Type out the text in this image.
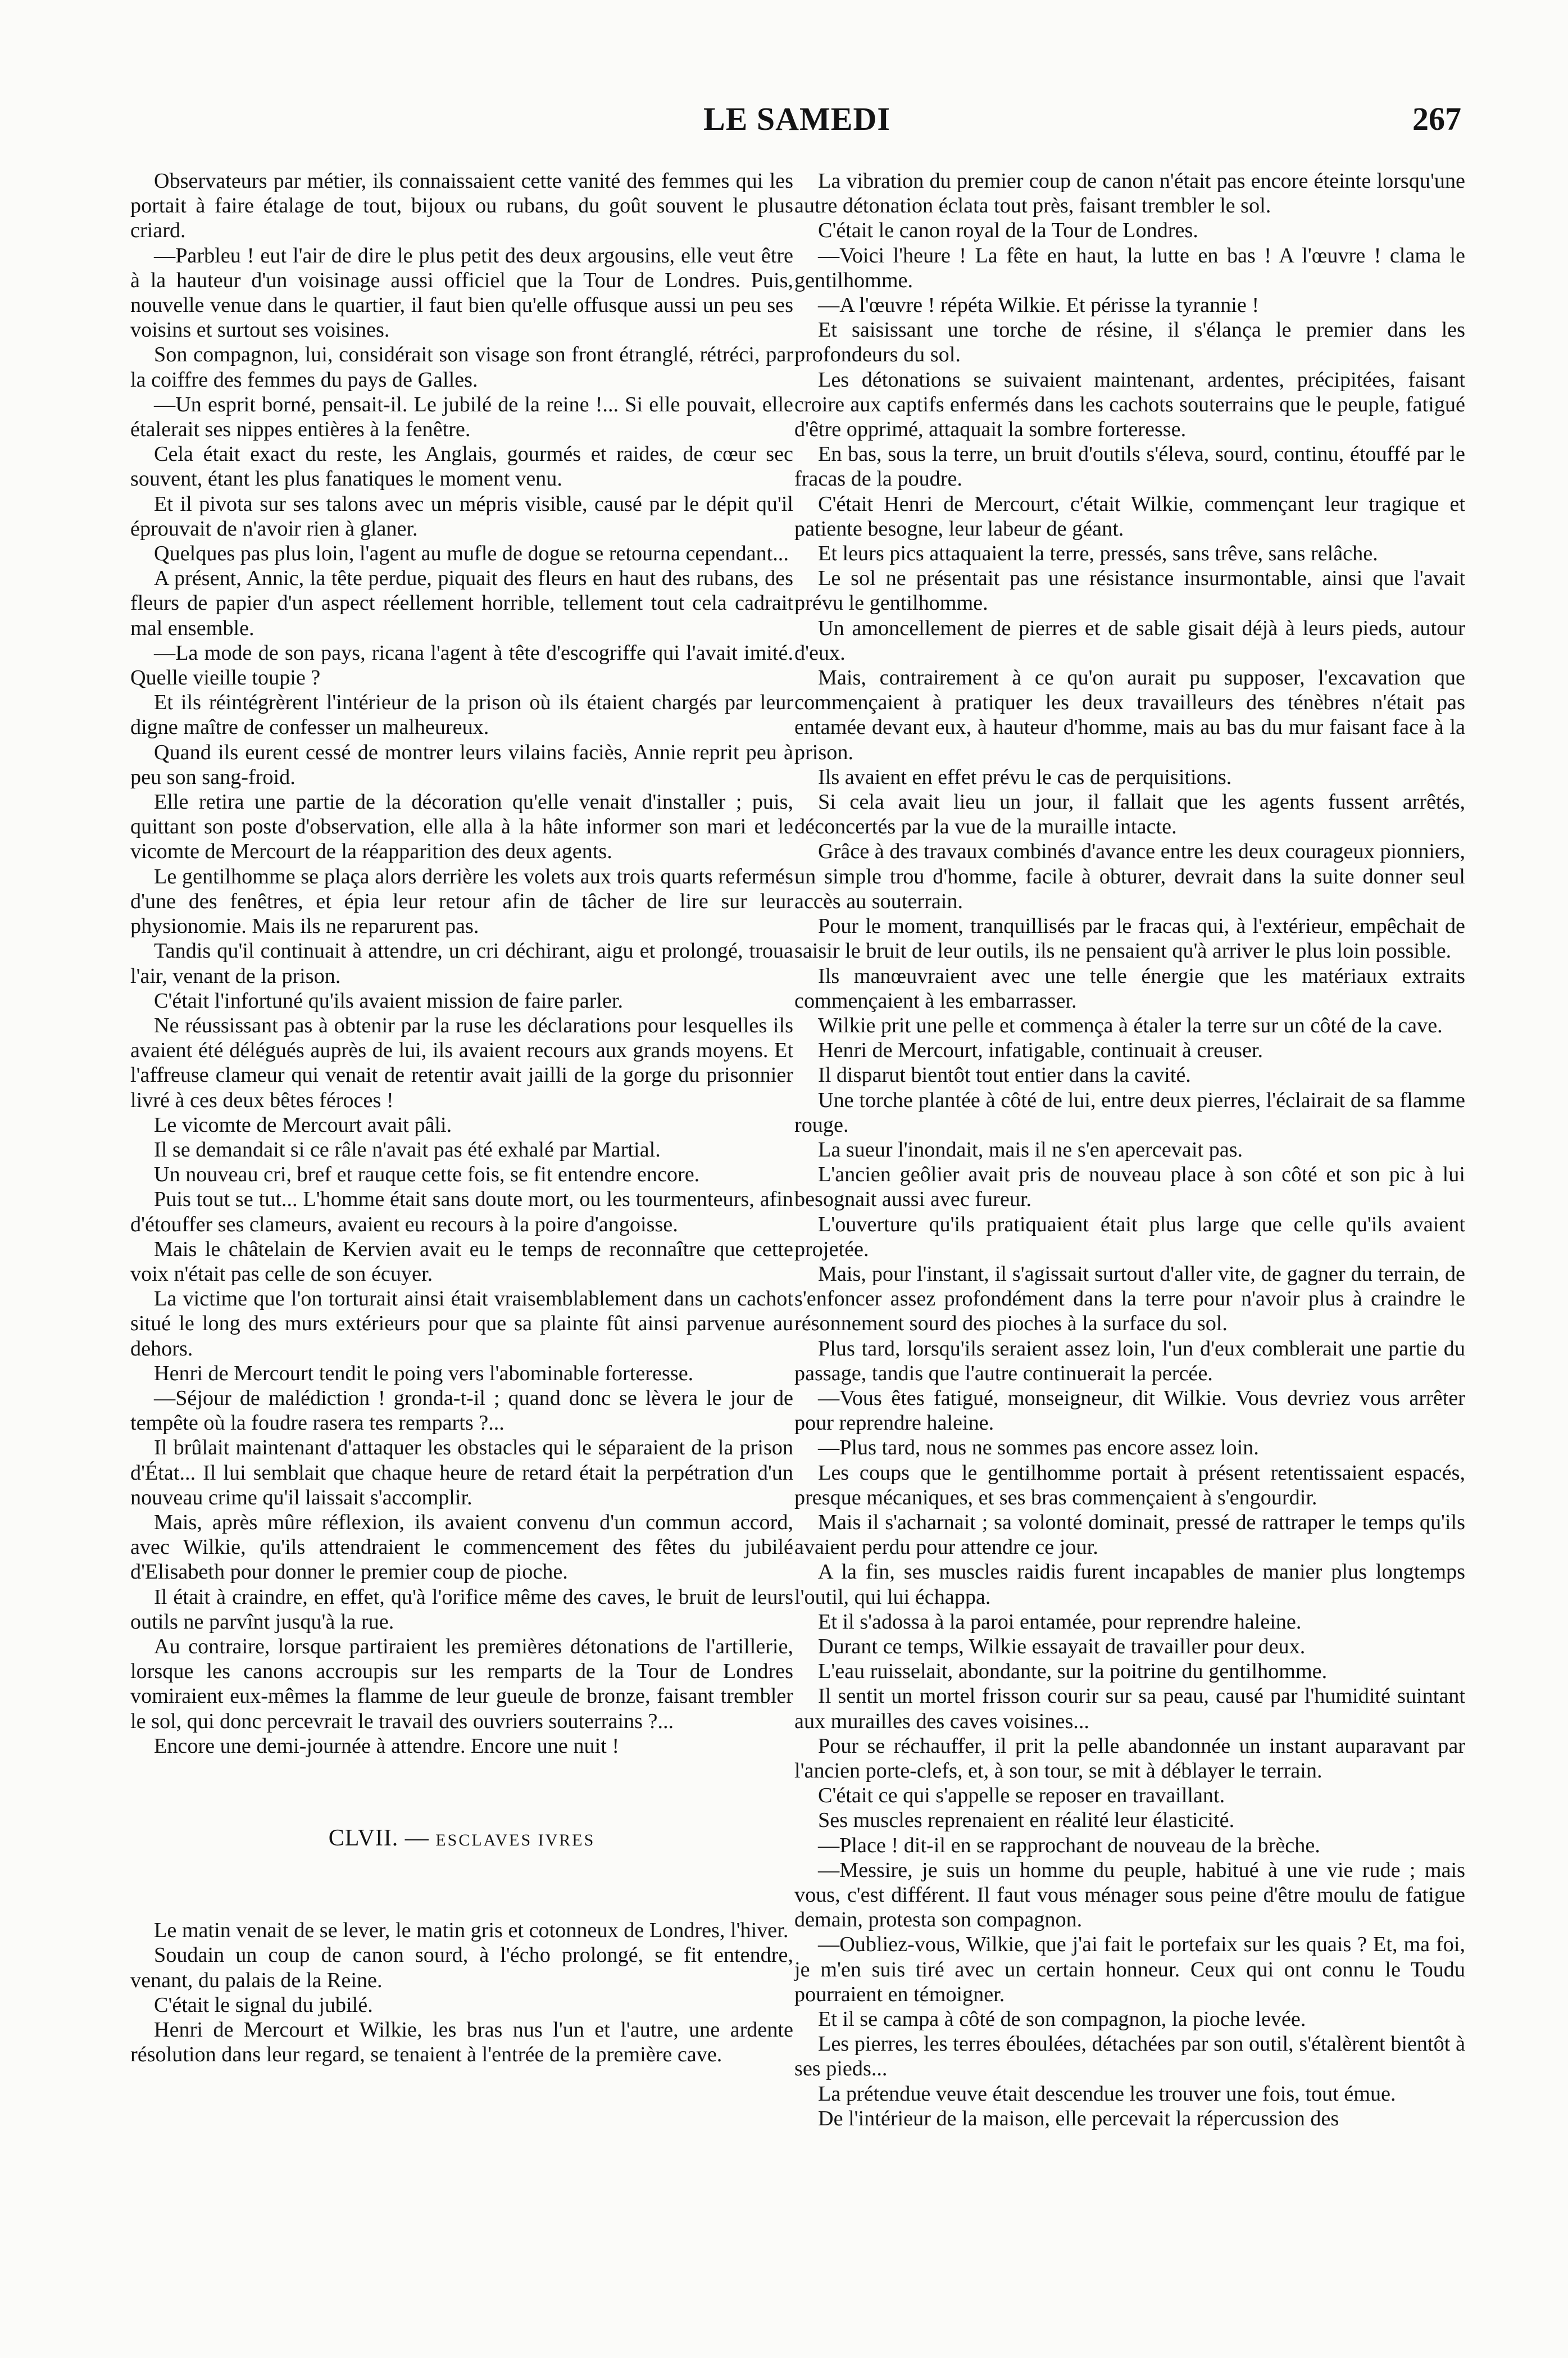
LE SAMEDI	267

Observateurs par métier, ils connaissaient cette vanité des femmes qui les portait à faire étalage de tout, bijoux ou rubans, du goût souvent le plus criard.

—Parbleu ! eut l'air de dire le plus petit des deux argousins, elle veut être à la hauteur d'un voisinage aussi officiel que la Tour de Londres. Puis, nouvelle venue dans le quartier, il faut bien qu'elle offusque aussi un peu ses voisins et surtout ses voisines.

Son compagnon, lui, considérait son visage son front étranglé, rétréci, par la coiffre des femmes du pays de Galles.

—Un esprit borné, pensait-il. Le jubilé de la reine !... Si elle pouvait, elle étalerait ses nippes entières à la fenêtre.

Cela était exact du reste, les Anglais, gourmés et raides, de cœur sec souvent, étant les plus fanatiques le moment venu.

Et il pivota sur ses talons avec un mépris visible, causé par le dépit qu'il éprouvait de n'avoir rien à glaner.

Quelques pas plus loin, l'agent au mufle de dogue se retourna cependant...

A présent, Annic, la tête perdue, piquait des fleurs en haut des rubans, des fleurs de papier d'un aspect réellement horrible, tellement tout cela cadrait mal ensemble.

—La mode de son pays, ricana l'agent à tête d'escogriffe qui l'avait imité. Quelle vieille toupie ?

Et ils réintégrèrent l'intérieur de la prison où ils étaient chargés par leur digne maître de confesser un malheureux.

Quand ils eurent cessé de montrer leurs vilains faciès, Annie reprit peu à peu son sang-froid.

Elle retira une partie de la décoration qu'elle venait d'installer ; puis, quittant son poste d'observation, elle alla à la hâte informer son mari et le vicomte de Mercourt de la réapparition des deux agents.

Le gentilhomme se plaça alors derrière les volets aux trois quarts refermés d'une des fenêtres, et épia leur retour afin de tâcher de lire sur leur physionomie. Mais ils ne reparurent pas.

Tandis qu'il continuait à attendre, un cri déchirant, aigu et prolongé, troua l'air, venant de la prison.

C'était l'infortuné qu'ils avaient mission de faire parler.

Ne réussissant pas à obtenir par la ruse les déclarations pour lesquelles ils avaient été délégués auprès de lui, ils avaient recours aux grands moyens. Et l'affreuse clameur qui venait de retentir avait jailli de la gorge du prisonnier livré à ces deux bêtes féroces !

Le vicomte de Mercourt avait pâli.

Il se demandait si ce râle n'avait pas été exhalé par Martial.

Un nouveau cri, bref et rauque cette fois, se fit entendre encore.

Puis tout se tut... L'homme était sans doute mort, ou les tourmenteurs, afin d'étouffer ses clameurs, avaient eu recours à la poire d'angoisse.

Mais le châtelain de Kervien avait eu le temps de reconnaître que cette voix n'était pas celle de son écuyer.

La victime que l'on torturait ainsi était vraisemblablement dans un cachot situé le long des murs extérieurs pour que sa plainte fût ainsi parvenue au dehors.

Henri de Mercourt tendit le poing vers l'abominable forteresse.

—Séjour de malédiction ! gronda-t-il ; quand donc se lèvera le jour de tempête où la foudre rasera tes remparts ?...

Il brûlait maintenant d'attaquer les obstacles qui le séparaient de la prison d'État... Il lui semblait que chaque heure de retard était la perpétration d'un nouveau crime qu'il laissait s'accomplir.

Mais, après mûre réflexion, ils avaient convenu d'un commun accord, avec Wilkie, qu'ils attendraient le commencement des fêtes du jubilé d'Elisabeth pour donner le premier coup de pioche.

Il était à craindre, en effet, qu'à l'orifice même des caves, le bruit de leurs outils ne parvînt jusqu'à la rue.

Au contraire, lorsque partiraient les premières détonations de l'artillerie, lorsque les canons accroupis sur les remparts de la Tour de Londres vomiraient eux-mêmes la flamme de leur gueule de bronze, faisant trembler le sol, qui donc percevrait le travail des ouvriers souterrains ?...

Encore une demi-journée à attendre. Encore une nuit !

CLVII. — ESCLAVES IVRES

Le matin venait de se lever, le matin gris et cotonneux de Londres, l'hiver.

Soudain un coup de canon sourd, à l'écho prolongé, se fit entendre, venant, du palais de la Reine.

C'était le signal du jubilé.

Henri de Mercourt et Wilkie, les bras nus l'un et l'autre, une ardente résolution dans leur regard, se tenaient à l'entrée de la première cave.

La vibration du premier coup de canon n'était pas encore éteinte lorsqu'une autre détonation éclata tout près, faisant trembler le sol.

C'était le canon royal de la Tour de Londres.

—Voici l'heure ! La fête en haut, la lutte en bas ! A l'œuvre ! clama le gentilhomme.

—A l'œuvre ! répéta Wilkie. Et périsse la tyrannie !

Et saisissant une torche de résine, il s'élança le premier dans les profondeurs du sol.

Les détonations se suivaient maintenant, ardentes, précipitées, faisant croire aux captifs enfermés dans les cachots souterrains que le peuple, fatigué d'être opprimé, attaquait la sombre forteresse.

En bas, sous la terre, un bruit d'outils s'éleva, sourd, continu, étouffé par le fracas de la poudre.

C'était Henri de Mercourt, c'était Wilkie, commençant leur tragique et patiente besogne, leur labeur de géant.

Et leurs pics attaquaient la terre, pressés, sans trêve, sans relâche.

Le sol ne présentait pas une résistance insurmontable, ainsi que l'avait prévu le gentilhomme.

Un amoncellement de pierres et de sable gisait déjà à leurs pieds, autour d'eux.

Mais, contrairement à ce qu'on aurait pu supposer, l'excavation que commençaient à pratiquer les deux travailleurs des ténèbres n'était pas entamée devant eux, à hauteur d'homme, mais au bas du mur faisant face à la prison.

Ils avaient en effet prévu le cas de perquisitions.

Si cela avait lieu un jour, il fallait que les agents fussent arrêtés, déconcertés par la vue de la muraille intacte.

Grâce à des travaux combinés d'avance entre les deux courageux pionniers, un simple trou d'homme, facile à obturer, devrait dans la suite donner seul accès au souterrain.

Pour le moment, tranquillisés par le fracas qui, à l'extérieur, empêchait de saisir le bruit de leur outils, ils ne pensaient qu'à arriver le plus loin possible.

Ils manœuvraient avec une telle énergie que les matériaux extraits commençaient à les embarrasser.

Wilkie prit une pelle et commença à étaler la terre sur un côté de la cave.

Henri de Mercourt, infatigable, continuait à creuser.

Il disparut bientôt tout entier dans la cavité.

Une torche plantée à côté de lui, entre deux pierres, l'éclairait de sa flamme rouge.

La sueur l'inondait, mais il ne s'en apercevait pas.

L'ancien geôlier avait pris de nouveau place à son côté et son pic à lui besognait aussi avec fureur.

L'ouverture qu'ils pratiquaient était plus large que celle qu'ils avaient projetée.

Mais, pour l'instant, il s'agissait surtout d'aller vite, de gagner du terrain, de s'enfoncer assez profondément dans la terre pour n'avoir plus à craindre le résonnement sourd des pioches à la surface du sol.

Plus tard, lorsqu'ils seraient assez loin, l'un d'eux comblerait une partie du passage, tandis que l'autre continuerait la percée.

—Vous êtes fatigué, monseigneur, dit Wilkie. Vous devriez vous arrêter pour reprendre haleine.

—Plus tard, nous ne sommes pas encore assez loin.

Les coups que le gentilhomme portait à présent retentissaient espacés, presque mécaniques, et ses bras commençaient à s'engourdir.

Mais il s'acharnait ; sa volonté dominait, pressé de rattraper le temps qu'ils avaient perdu pour attendre ce jour.

A la fin, ses muscles raidis furent incapables de manier plus longtemps l'outil, qui lui échappa.

Et il s'adossa à la paroi entamée, pour reprendre haleine.

Durant ce temps, Wilkie essayait de travailler pour deux.

L'eau ruisselait, abondante, sur la poitrine du gentilhomme.

Il sentit un mortel frisson courir sur sa peau, causé par l'humidité suintant aux murailles des caves voisines...

Pour se réchauffer, il prit la pelle abandonnée un instant auparavant par l'ancien porte-clefs, et, à son tour, se mit à déblayer le terrain.

C'était ce qui s'appelle se reposer en travaillant.

Ses muscles reprenaient en réalité leur élasticité.

—Place ! dit-il en se rapprochant de nouveau de la brèche.

—Messire, je suis un homme du peuple, habitué à une vie rude ; mais vous, c'est différent. Il faut vous ménager sous peine d'être moulu de fatigue demain, protesta son compagnon.

—Oubliez-vous, Wilkie, que j'ai fait le portefaix sur les quais ? Et, ma foi, je m'en suis tiré avec un certain honneur. Ceux qui ont connu le Toudu pourraient en témoigner.

Et il se campa à côté de son compagnon, la pioche levée.

Les pierres, les terres éboulées, détachées par son outil, s'étalèrent bientôt à ses pieds...

La prétendue veuve était descendue les trouver une fois, tout émue.

De l'intérieur de la maison, elle percevait la répercussion des
